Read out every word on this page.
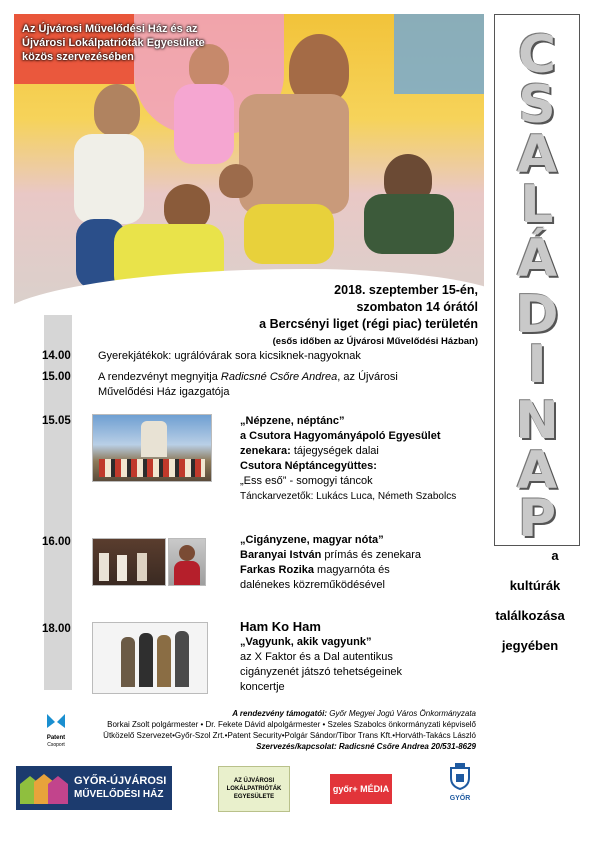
Az Újvárosi Művelődési Ház és az
Újvárosi Lokálpatrióták Egyesülete
közös szervezésében	C
S
A
L
Á
D
I
N
A
P
2018. szeptember 15-én,
szombaton 14 órától
a Bercsényi liget (régi piac) területén
(esős időben az Újvárosi Művelődési Házban)
14.00 Gyerekjátékok: ugrálóvárak sora kicsiknek-nagyoknak
15.00 A rendezvényt megnyitja Radicsné Csőre Andrea, az Újvárosi
Művelődési Ház igazgatója
15.05	„Népzene, néptánc”
a Csutora Hagyományápoló Egyesület
zenekara: tájegységek dalai
Csutora Néptáncegyüttes:
„Ess eső” - somogyi táncok
Tánckarvezetők: Lukács Luca, Németh Szabolcs
16.00	„Cigányzene, magyar nóta”
Baranyai István prímás és zenekara
Farkas Rozika magyarnóta és
dalénekes közreműködésével
18.00	Ham Ko Ham
„Vagyunk, akik vagyunk”
az X Faktor és a Dal autentikus
cigányzenét játszó tehetségeinek
koncertje
a
kultúrák
találkozása
jegyében
A rendezvény támogatói: Győr Megyei Jogú Város Önkormányzata
Borkai Zsolt polgármester • Dr. Fekete Dávid alpolgármester • Szeles Szabolcs önkormányzati képviselő
Ütközelő Szervezet•Győr-Szol Zrt.•Patent Security•Polgár Sándor/Tibor Trans Kft.•Horváth-Takács László
Szervezés/kapcsolat: Radicsné Csőre Andrea 20/531-8629
Patent
Csoport
GYŐR-ÚJVÁROSI
MŰVELŐDÉSI HÁZ
AZ ÚJVÁROSI
LOKÁLPATRIÓTÁK
EGYESÜLETE
győr+
MÉDIA
GYŐR
